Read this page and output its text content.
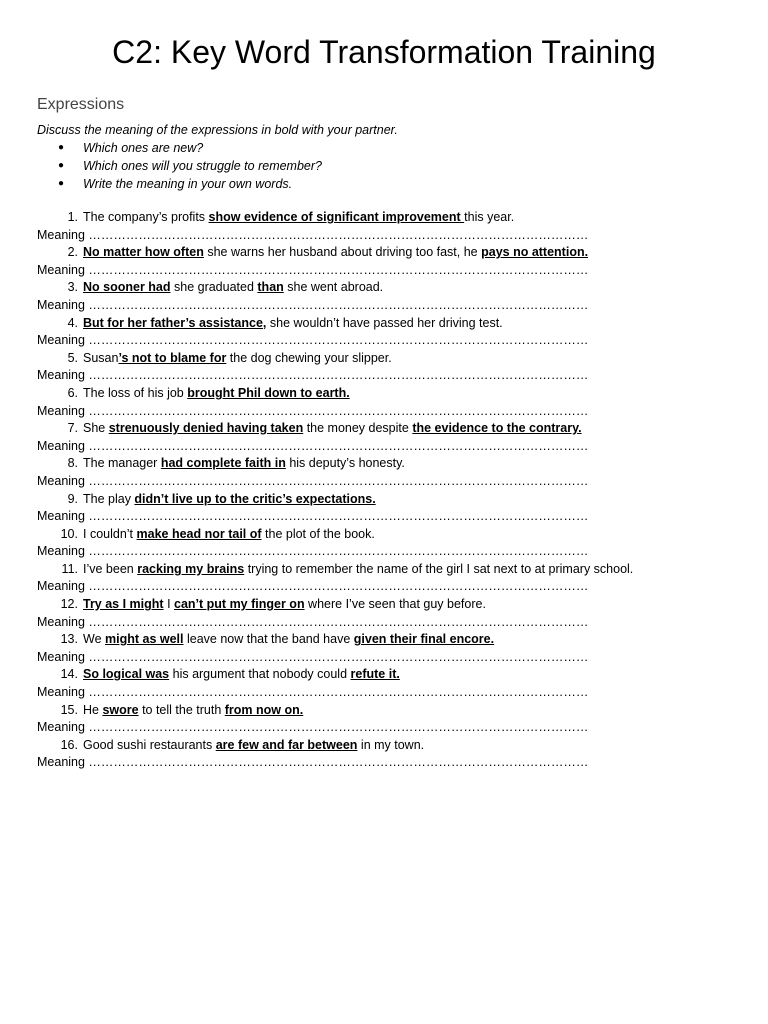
C2: Key Word Transformation Training
Expressions

Discuss the meaning of the expressions in bold with your partner.

● Which ones are new?
● Which ones will you struggle to remember?
● Write the meaning in your own words.
1. The company’s profits show evidence of significant improvement this year.
Meaning …………………………………………………………………………………………………………
2. No matter how often she warns her husband about driving too fast, he pays no attention.
Meaning …………………………………………………………………………………………………………
3. No sooner had she graduated than she went abroad.
Meaning …………………………………………………………………………………………………………
4. But for her father’s assistance, she wouldn’t have passed her driving test.
Meaning …………………………………………………………………………………………………………
5. Susan’s not to blame for the dog chewing your slipper.
Meaning …………………………………………………………………………………………………………
6. The loss of his job brought Phil down to earth.
Meaning …………………………………………………………………………………………………………
7. She strenuously denied having taken the money despite the evidence to the contrary.
Meaning …………………………………………………………………………………………………………
8. The manager had complete faith in his deputy’s honesty.
Meaning …………………………………………………………………………………………………………
9. The play didn’t live up to the critic’s expectations.
Meaning …………………………………………………………………………………………………………
10. I couldn’t make head nor tail of the plot of the book.
Meaning …………………………………………………………………………………………………………
11. I’ve been racking my brains trying to remember the name of the girl I sat next to at primary school.
Meaning …………………………………………………………………………………………………………
12. Try as I might I can’t put my finger on where I’ve seen that guy before.
Meaning …………………………………………………………………………………………………………
13. We might as well leave now that the band have given their final encore.
Meaning …………………………………………………………………………………………………………
14. So logical was his argument that nobody could refute it.
Meaning …………………………………………………………………………………………………………
15. He swore to tell the truth from now on.
Meaning …………………………………………………………………………………………………………
16. Good sushi restaurants are few and far between in my town.
Meaning …………………………………………………………………………………………………………
